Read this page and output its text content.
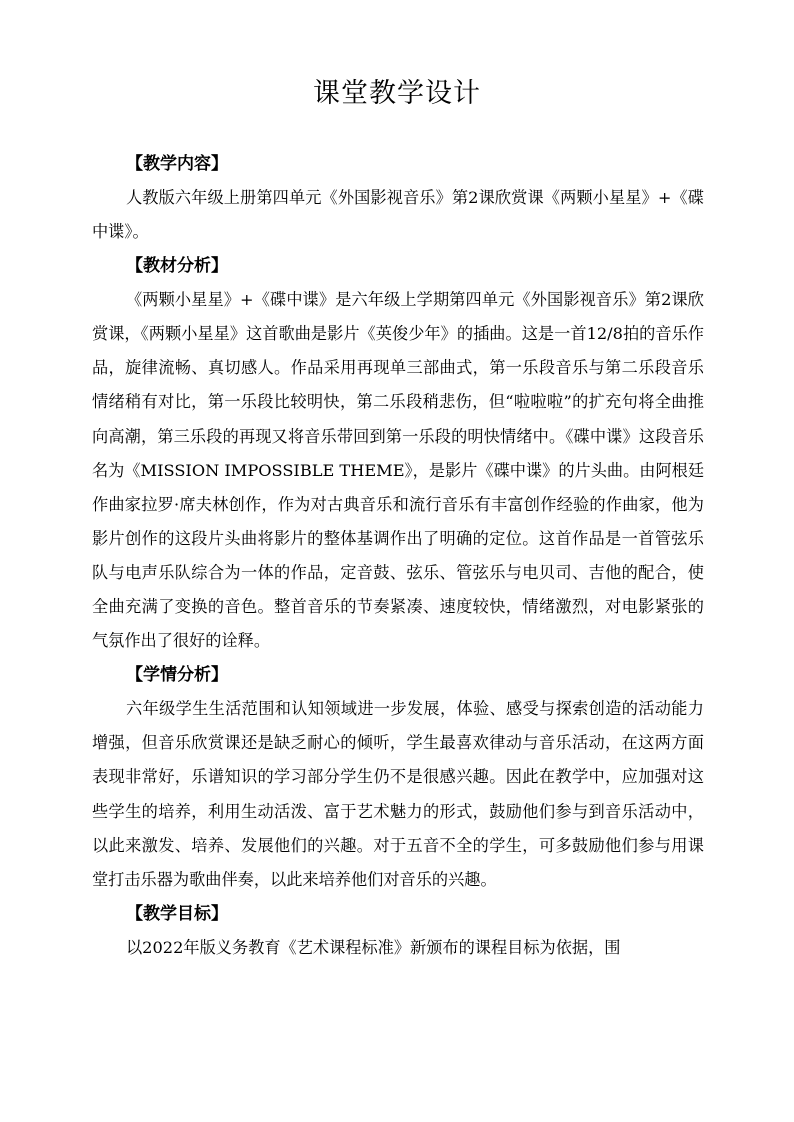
课堂教学设计
【教学内容】

人教版六年级上册第四单元《外国影视音乐》第2课欣赏课《两颗小星星》+《碟中谍》。

【教材分析】

《两颗小星星》+《碟中谍》是六年级上学期第四单元《外国影视音乐》第2课欣赏课，《两颗小星星》这首歌曲是影片《英俊少年》的插曲。这是一首12/8拍的音乐作品，旋律流畅、真切感人。作品采用再现单三部曲式，第一乐段音乐与第二乐段音乐情绪稍有对比，第一乐段比较明快，第二乐段稍悲伤，但“啦啦啦”的扩充句将全曲推向高潮，第三乐段的再现又将音乐带回到第一乐段的明快情绪中。《碟中谍》这段音乐名为《MISSION IMPOSSIBLE THEME》，是影片《碟中谍》的片头曲。由阿根廷作曲家拉罗·席夫林创作，作为对古典音乐和流行音乐有丰富创作经验的作曲家，他为影片创作的这段片头曲将影片的整体基调作出了明确的定位。这首作品是一首管弦乐队与电声乐队综合为一体的作品，定音鼓、弦乐、管弦乐与电贝司、吉他的配合，使全曲充满了变换的音色。整首音乐的节奏紧凑、速度较快，情绪激烈，对电影紧张的气氛作出了很好的诠释。

【学情分析】

六年级学生生活范围和认知领域进一步发展，体验、感受与探索创造的活动能力增强，但音乐欣赏课还是缺乏耐心的倾听，学生最喜欢律动与音乐活动，在这两方面表现非常好，乐谱知识的学习部分学生仍不是很感兴趣。因此在教学中，应加强对这些学生的培养，利用生动活泼、富于艺术魅力的形式，鼓励他们参与到音乐活动中，以此来激发、培养、发展他们的兴趣。对于五音不全的学生，可多鼓励他们参与用课堂打击乐器为歌曲伴奏，以此来培养他们对音乐的兴趣。

【教学目标】

以2022年版义务教育《艺术课程标准》新颁布的课程目标为依据，围
